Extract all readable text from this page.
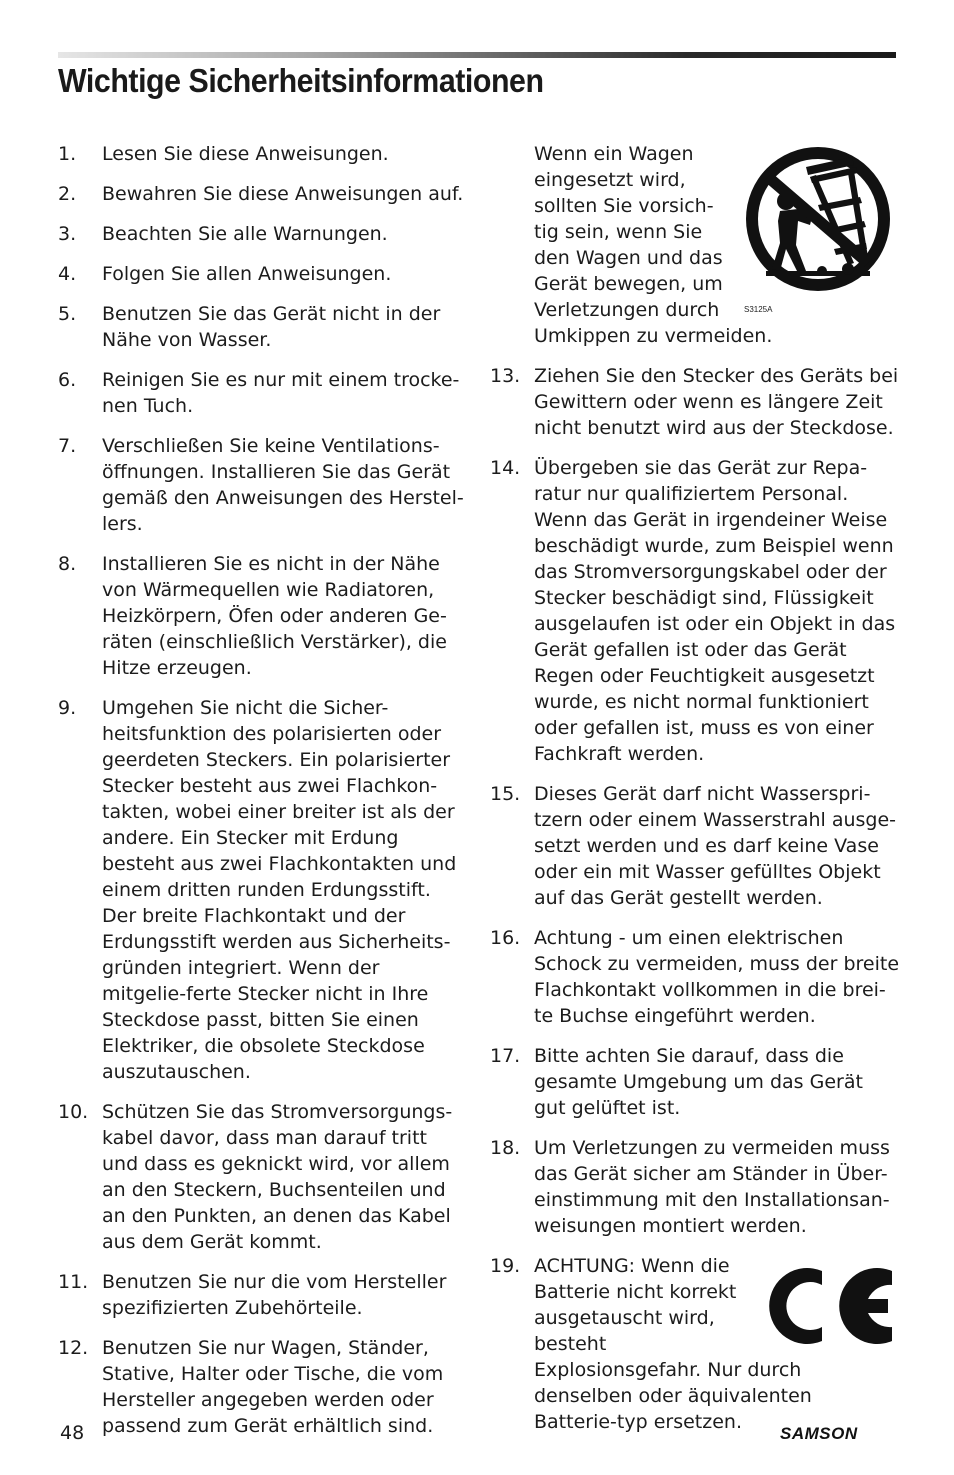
Wichtige Sicherheitsinformationen
1. Lesen Sie diese Anweisungen.
2. Bewahren Sie diese Anweisungen auf.
3. Beachten Sie alle Warnungen.
4. Folgen Sie allen Anweisungen.
5. Benutzen Sie das Gerät nicht in der Nähe von Wasser.
6. Reinigen Sie es nur mit einem trocke-nen Tuch.
7. Verschließen Sie keine Ventilations-öffnungen. Installieren Sie das Gerät gemäß den Anweisungen des Herstel-lers.
8. Installieren Sie es nicht in der Nähe von Wärmequellen wie Radiatoren, Heizkörpern, Öfen oder anderen Ge-räten (einschließlich Verstärker), die Hitze erzeugen.
9. Umgehen Sie nicht die Sicher-heitsfunktion des polarisierten oder geerdeten Steckers. Ein polarisierter Stecker besteht aus zwei Flachkon-takten, wobei einer breiter ist als der andere. Ein Stecker mit Erdung besteht aus zwei Flachkontakten und einem dritten runden Erdungsstift. Der breite Flachkontakt und der Erdungsstift werden aus Sicherheits-gründen integriert. Wenn der mitgelie-ferte Stecker nicht in Ihre Steckdose passt, bitten Sie einen Elektriker, die obsolete Steckdose auszutauschen.
10. Schützen Sie das Stromversorgungs-kabel davor, dass man darauf tritt und dass es geknickt wird, vor allem an den Steckern, Buchsenteilen und an den Punkten, an denen das Kabel aus dem Gerät kommt.
11. Benutzen Sie nur die vom Hersteller spezifizierten Zubehörteile.
12. Benutzen Sie nur Wagen, Ständer, Stative, Halter oder Tische, die vom Hersteller angegeben werden oder passend zum Gerät erhältlich sind.
S3125A
Wenn ein Wagen eingesetzt wird, sollten Sie vorsich-tig sein, wenn Sie den Wagen und das Gerät bewegen, um Verletzungen durch Umkippen zu vermeiden.
13. Ziehen Sie den Stecker des Geräts bei Gewittern oder wenn es längere Zeit nicht benutzt wird aus der Steckdose.
14. Übergeben sie das Gerät zur Repa-ratur nur qualifiziertem Personal. Wenn das Gerät in irgendeiner Weise beschädigt wurde, zum Beispiel wenn das Stromversorgungskabel oder der Stecker beschädigt sind, Flüssigkeit ausgelaufen ist oder ein Objekt in das Gerät gefallen ist oder das Gerät Regen oder Feuchtigkeit ausgesetzt wurde, es nicht normal funktioniert oder gefallen ist, muss es von einer Fachkraft werden.
15. Dieses Gerät darf nicht Wasserspri-tzern oder einem Wasserstrahl ausge-setzt werden und es darf keine Vase oder ein mit Wasser gefülltes Objekt auf das Gerät gestellt werden.
16. Achtung - um einen elektrischen Schock zu vermeiden, muss der breite Flachkontakt vollkommen in die brei-te Buchse eingeführt werden.
17. Bitte achten Sie darauf, dass die gesamte Umgebung um das Gerät gut gelüftet ist.
18. Um Verletzungen zu vermeiden muss das Gerät sicher am Ständer in Über-einstimmung mit den Installationsan-weisungen montiert werden.
19. ACHTUNG: Wenn die Batterie nicht korrekt ausgetauscht wird, besteht Explosionsgefahr. Nur durch denselben oder äquivalenten Batterie-typ ersetzen.
48	SAMSON
